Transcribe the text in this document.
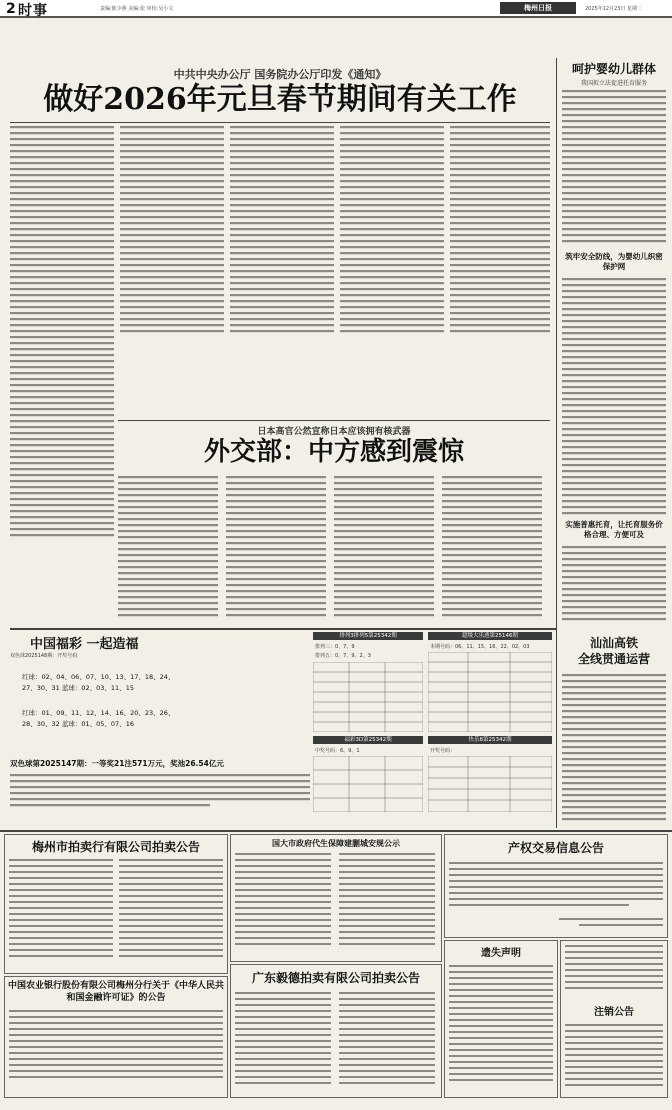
2 时事	责编:陈少燕 美编:张 审校:吴小文	梅州日报	2025年12月23日 星期二
中共中央办公厅 国务院办公厅印发《通知》
做好2026年元旦春节期间有关工作
呵护婴幼儿群体
我国拟立法促进托育服务
筑牢安全防线，为婴幼儿织密保护网
实施普惠托育，让托育服务价格合理、方便可及
日本高官公然宣称日本应该拥有核武器
外交部：中方感到震惊
中国福彩 一起造福
双色球2025148期：开奖号码
红球：02、04、06、07、10、13、17、18、24、27、30、31 蓝球：02、03、11、15
红球：01、09、11、12、14、16、20、23、26、28、30、32 蓝球：01、05、07、16
双色球第2025147期：一等奖21注571万元，奖池26.54亿元
排列3排列5第25342期
排列三：0、7、9
排列五：0、7、9、2、3
福彩3D第25342期
中奖号码：6、9、1
超级大乐透第25146期
本期号码：06、11、15、16、22、02、03
快乐8第25342期
开奖号码：
汕汕高铁
全线贯通运营
梅州市拍卖行有限公司拍卖公告	国大市政府代生保障建蒯城安规公示	产权交易信息公告
中国农业银行股份有限公司梅州分行关于《中华人民共和国金融许可证》的公告
广东毅德拍卖有限公司拍卖公告
遗失声明
注销公告
